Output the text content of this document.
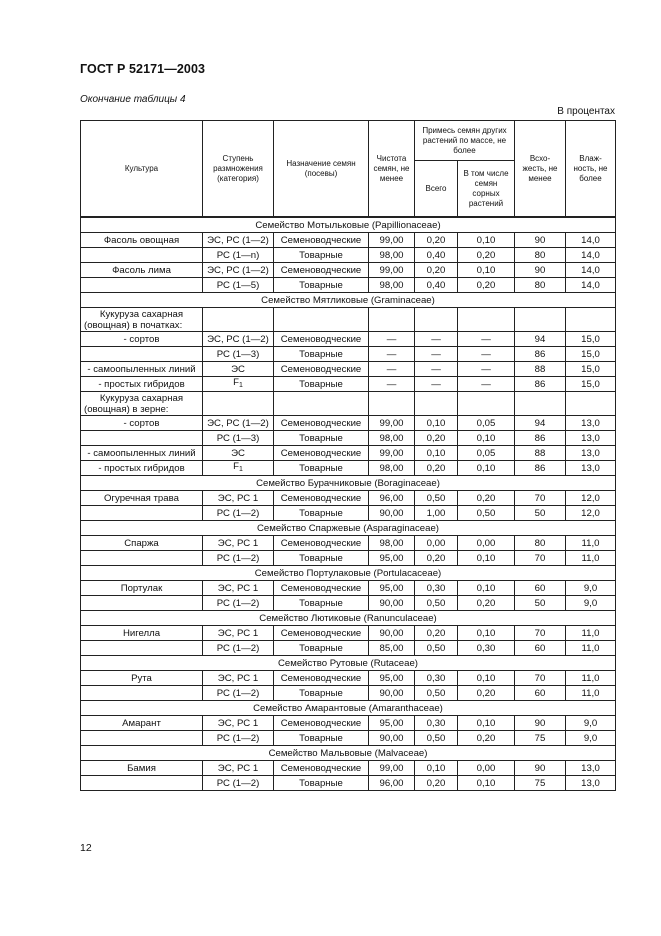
ГОСТ Р 52171—2003
Окончание таблицы 4
В процентах
Культура	Ступень размножения (категория)	Назначение семян (посевы)	Чистота семян, не менее	Примесь семян других растений по массе, не более		Всхо-жесть, не менее	Влаж-ность, не более
				Всего	В том числе семян сорных растений		
Семейство Мотыльковые (Papillionaceae)							
Фасоль овощная	ЭС, РС (1—2)	Семеноводческие	99,00	0,20	0,10	90	14,0
	РС (1—n)	Товарные	98,00	0,40	0,20	80	14,0
Фасоль лима	ЭС, РС (1—2)	Семеноводческие	99,00	0,20	0,10	90	14,0
	РС (1—5)	Товарные	98,00	0,40	0,20	80	14,0
Семейство Мятликовые (Graminaceae)							
Кукуруза сахарная (овощная) в початках:							
- сортов	ЭС, РС (1—2)	Семеноводческие	—	—	—	94	15,0
	РС (1—3)	Товарные	—	—	—	86	15,0
- самоопыленных линий	ЭС	Семеноводческие	—	—	—	88	15,0
- простых гибридов	$F_1$	Товарные	—	—	—	86	15,0
Кукуруза сахарная (овощная) в зерне:							
- сортов	ЭС, РС (1—2)	Семеноводческие	99,00	0,10	0,05	94	13,0
	РС (1—3)	Товарные	98,00	0,20	0,10	86	13,0
- самоопыленных линий	ЭС	Семеноводческие	99,00	0,10	0,05	88	13,0
- простых гибридов	$F_1$	Товарные	98,00	0,20	0,10	86	13,0
Семейство Бурачниковые (Boraginaceae)							
Огуречная трава	ЭС, РС 1	Семеноводческие	96,00	0,50	0,20	70	12,0
	РС (1—2)	Товарные	90,00	1,00	0,50	50	12,0
Семейство Спаржевые (Asparaginaceae)							
Спаржа	ЭС, РС 1	Семеноводческие	98,00	0,00	0,00	80	11,0
	РС (1—2)	Товарные	95,00	0,20	0,10	70	11,0
Семейство Портулаковые (Portulacaceae)							
Портулак	ЭС, РС 1	Семеноводческие	95,00	0,30	0,10	60	9,0
	РС (1—2)	Товарные	90,00	0,50	0,20	50	9,0
Семейство Лютиковые (Ranunculaceae)							
Нигелла	ЭС, РС 1	Семеноводческие	90,00	0,20	0,10	70	11,0
	РС (1—2)	Товарные	85,00	0,50	0,30	60	11,0
Семейство Рутовые (Rutaceae)							
Рута	ЭС, РС 1	Семеноводческие	95,00	0,30	0,10	70	11,0
	РС (1—2)	Товарные	90,00	0,50	0,20	60	11,0
Семейство Амарантовые (Amaranthaceae)							
Амарант	ЭС, РС 1	Семеноводческие	95,00	0,30	0,10	90	9,0
	РС (1—2)	Товарные	90,00	0,50	0,20	75	9,0
Семейство Мальвовые (Malvaceae)							
Бамия	ЭС, РС 1	Семеноводческие	99,00	0,10	0,00	90	13,0
	РС (1—2)	Товарные	96,00	0,20	0,10	75	13,0
12
